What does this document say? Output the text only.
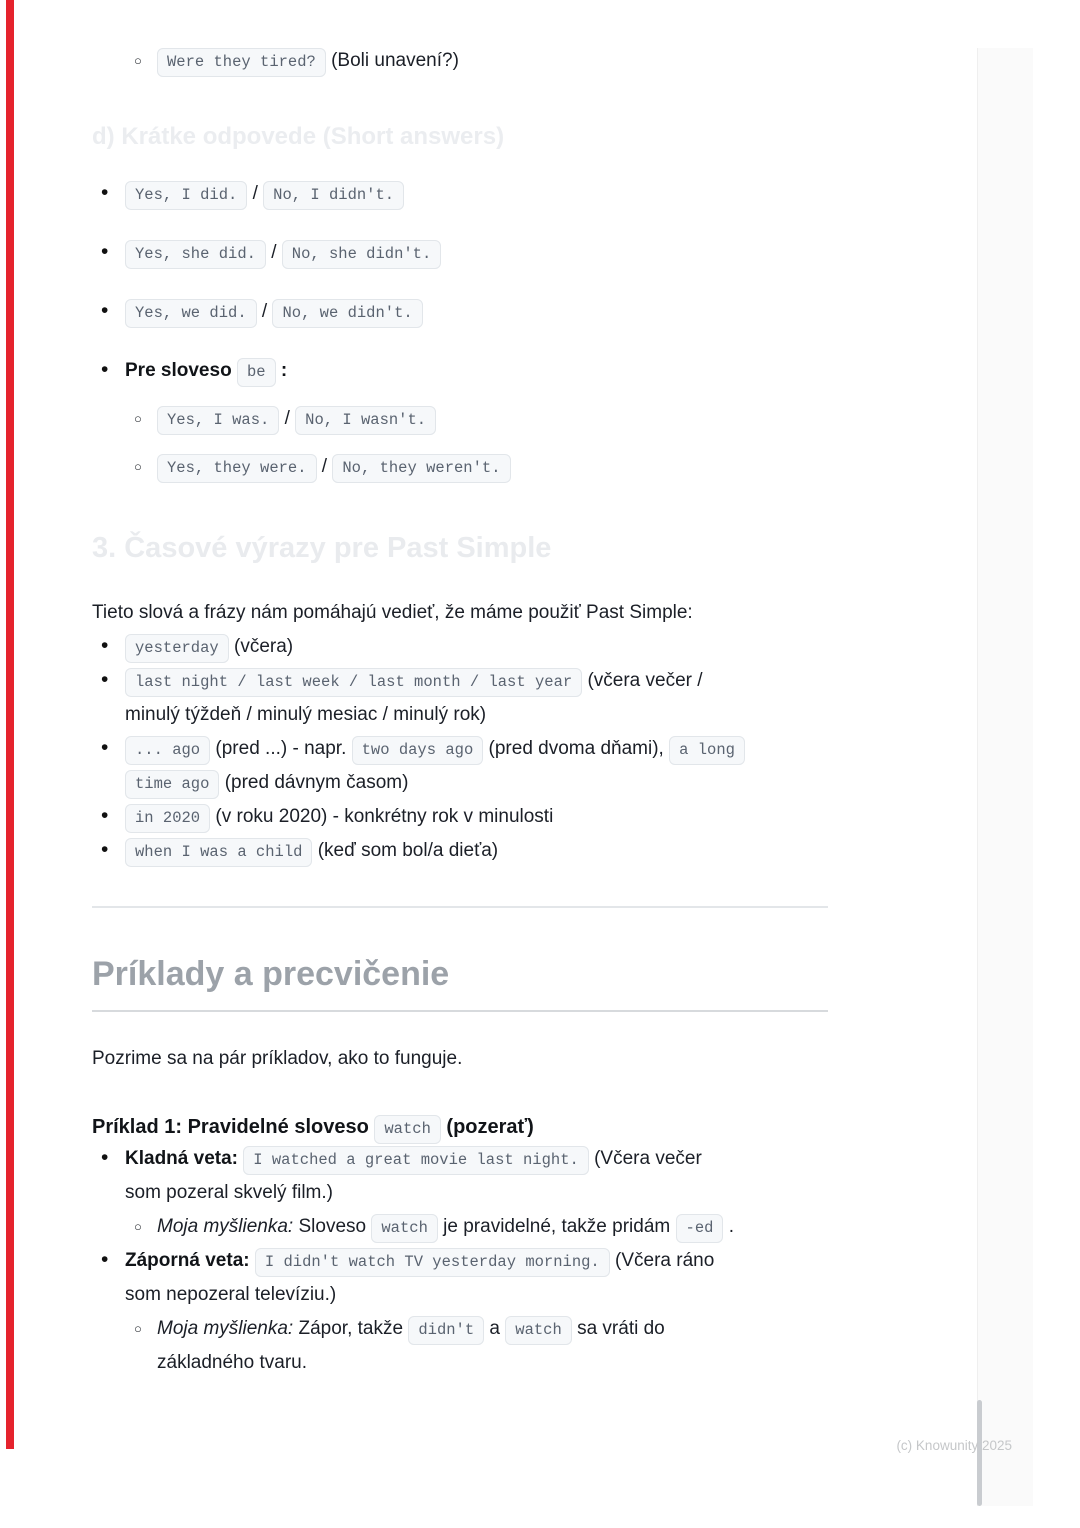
○ Were they tired? (Boli unavení?)
d) Krátke odpovede (Short answers)
• Yes, I did. / No, I didn't.
• Yes, she did. / No, she didn't.
• Yes, we did. / No, we didn't.
• Pre sloveso be :
○ Yes, I was. / No, I wasn't.
○ Yes, they were. / No, they weren't.
3. Časové výrazy pre Past Simple
Tieto slová a frázy nám pomáhajú vedieť, že máme použiť Past Simple:
• yesterday (včera)
• last night / last week / last month / last year (včera večer /
minulý týždeň / minulý mesiac / minulý rok)
• ... ago (pred ...) - napr. two days ago (pred dvoma dňami), a long
time ago (pred dávnym časom)
• in 2020 (v roku 2020) - konkrétny rok v minulosti
• when I was a child (keď som bol/a dieťa)
Príklady a precvičenie
Pozrime sa na pár príkladov, ako to funguje.
Príklad 1: Pravidelné sloveso watch (pozerať)
• Kladná veta: I watched a great movie last night. (Včera večer
som pozeral skvelý film.)
○ Moja myšlienka: Sloveso watch je pravidelné, takže pridám -ed .
• Záporná veta: I didn't watch TV yesterday morning. (Včera ráno
som nepozeral televíziu.)
○ Moja myšlienka: Zápor, takže didn't a watch sa vráti do
základného tvaru.
(c) Knowunity 2025
